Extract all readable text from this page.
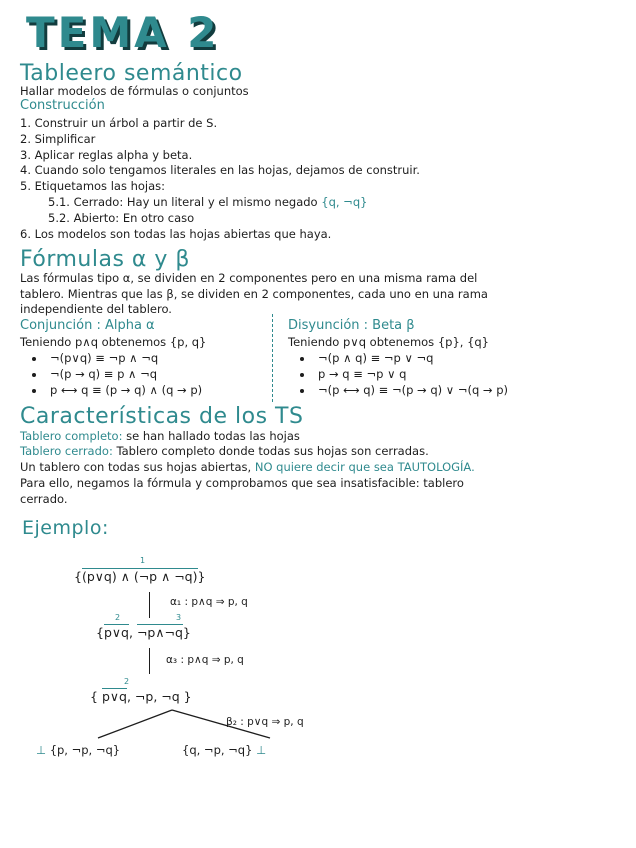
TEMA 2
Tableero semántico
Hallar modelos de fórmulas o conjuntos
Construcción
1. Construir un árbol a partir de S.
2. Simplificar
3. Aplicar reglas alpha y beta.
4. Cuando solo tengamos literales en las hojas, dejamos de construir.
5. Etiquetamos las hojas:
5.1. Cerrado: Hay un literal y el mismo negado {q, ¬q}
5.2. Abierto: En otro caso
6. Los modelos son todas las hojas abiertas que haya.
Fórmulas α y β
Las fórmulas tipo α, se dividen en 2 componentes pero en una misma rama del
tablero. Mientras que las β, se dividen en 2 componentes, cada uno en una rama
independiente del tablero.
Conjunción : Alpha α
Teniendo p∧q obtenemos {p, q}
¬(p∨q) ≡ ¬p ∧ ¬q
¬(p → q) ≡ p ∧ ¬q
p ⟷ q ≡ (p → q) ∧ (q → p)
Disyunción : Beta β
Teniendo p∨q obtenemos {p}, {q}
¬(p ∧ q) ≡ ¬p ∨ ¬q
p → q ≡ ¬p ∨ q
¬(p ⟷ q) ≡ ¬(p → q) ∨ ¬(q → p)
Características de los TS
Tablero completo: se han hallado todas las hojas
Tablero cerrado: Tablero completo donde todas sus hojas son cerradas.
Un tablero con todas sus hojas abiertas, NO quiere decir que sea TAUTOLOGÍA.
Para ello, negamos la fórmula y comprobamos que sea insatisfacible: tablero
cerrado.
Ejemplo:
1
{(p∨q) ∧ (¬p ∧ ¬q)}
α₁ : p∧q ⇒ p, q
2	3
{p∨q, ¬p∧¬q}
α₃ : p∧q ⇒ p, q
2
{ p∨q, ¬p, ¬q }
β₂ : p∨q ⇒ p, q
⊥ {p, ¬p, ¬q}	{q, ¬p, ¬q} ⊥
